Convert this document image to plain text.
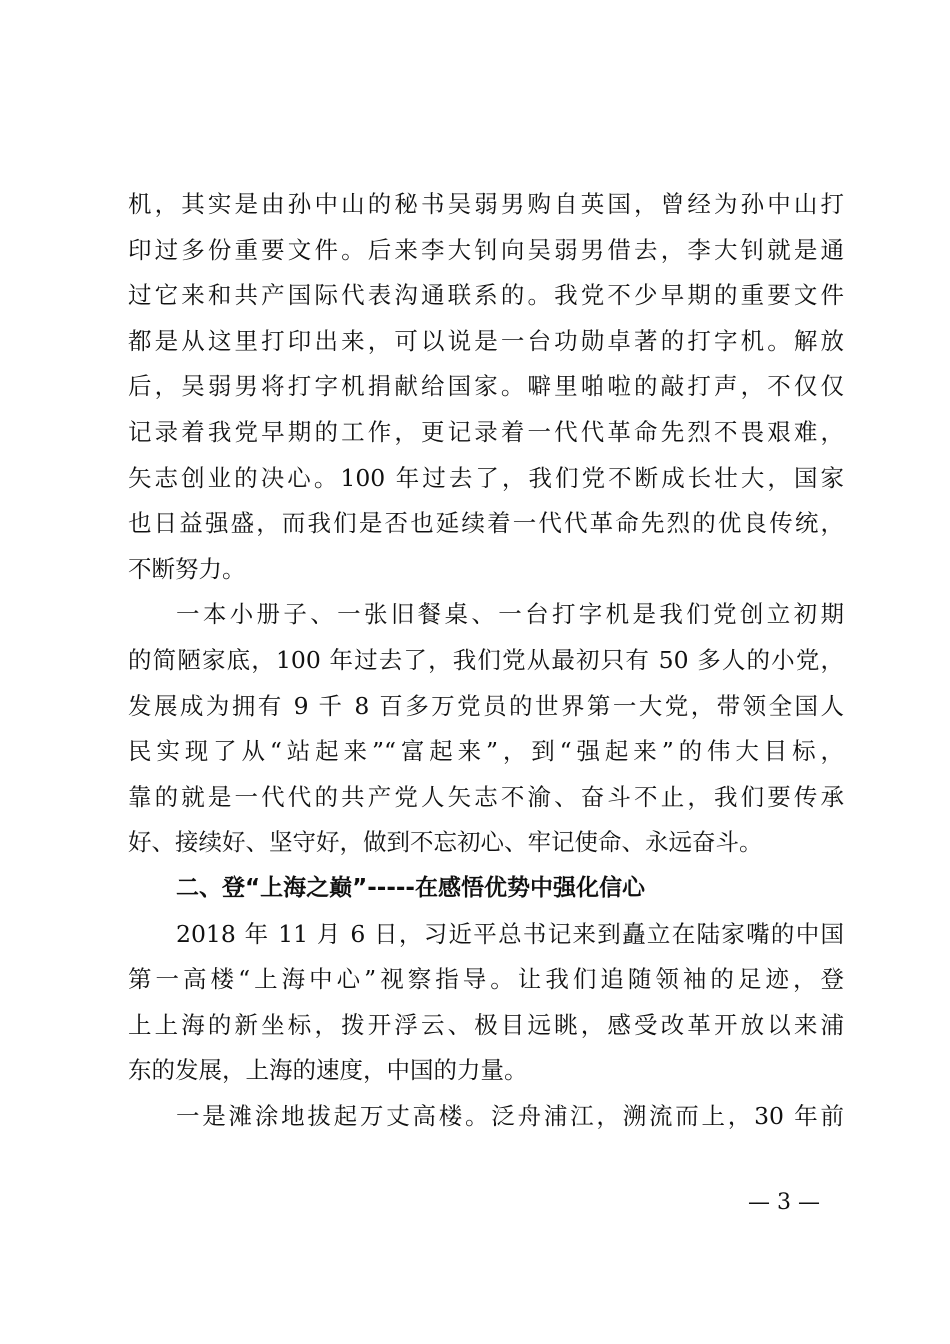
机，其实是由孙中山的秘书吴弱男购自英国，曾经为孙中山打
印过多份重要文件。后来李大钊向吴弱男借去，李大钊就是通
过它来和共产国际代表沟通联系的。我党不少早期的重要文件
都是从这里打印出来，可以说是一台功勋卓著的打字机。解放
后，吴弱男将打字机捐献给国家。噼里啪啦的敲打声，不仅仅
记录着我党早期的工作，更记录着一代代革命先烈不畏艰难，
矢志创业的决心。100 年过去了，我们党不断成长壮大，国家
也日益强盛，而我们是否也延续着一代代革命先烈的优良传统，
不断努力。
一本小册子、一张旧餐桌、一台打字机是我们党创立初期
的简陋家底，100 年过去了，我们党从最初只有 50 多人的小党，
发展成为拥有 9 千 8 百多万党员的世界第一大党，带领全国人
民实现了从“站起来”“富起来”，到“强起来”的伟大目标，
靠的就是一代代的共产党人矢志不渝、奋斗不止，我们要传承
好、接续好、坚守好，做到不忘初心、牢记使命、永远奋斗。
二、登“上海之巅”-----在感悟优势中强化信心
2018 年 11 月 6 日，习近平总书记来到矗立在陆家嘴的中国
第一高楼“上海中心”视察指导。让我们追随领袖的足迹，登
上上海的新坐标，拨开浮云、极目远眺，感受改革开放以来浦
东的发展，上海的速度，中国的力量。
一是滩涂地拔起万丈高楼。泛舟浦江，溯流而上，30 年前
— 3 —
